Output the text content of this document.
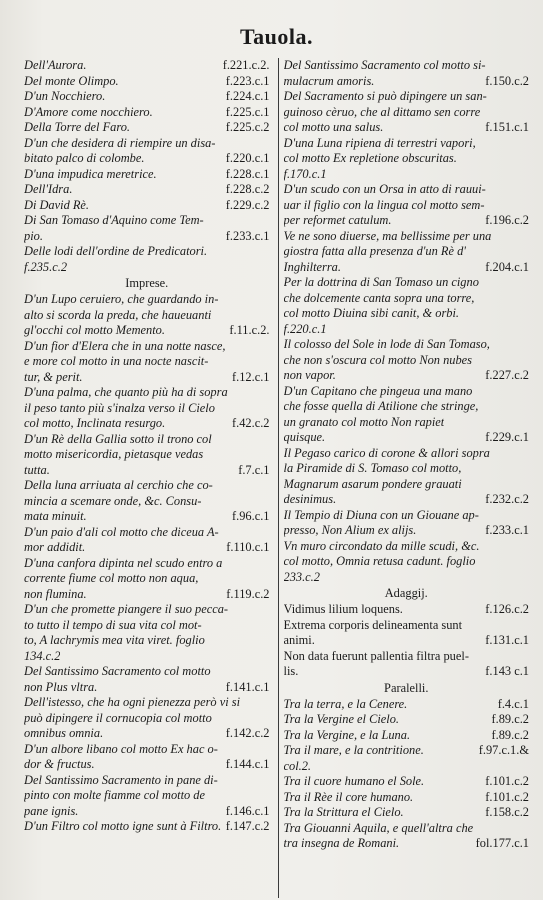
Tauola.
Dell'Aurora.	f.221.c.2.
Del monte Olimpo.	f.223.c.1
D'un Nocchiero.	f.224.c.1
D'Amore come nocchiero.	f.225.c.1
Della Torre del Faro.	f.225.c.2
D'un che desidera di riempire un disa-
bitato palco di colombe.	f.220.c.1
D'una impudica meretrice.	f.228.c.1
Dell'Idra.	f.228.c.2
Di David Rè.	f.229.c.2
Di San Tomaso d'Aquino come Tem-
pio.	f.233.c.1
Delle lodi dell'ordine de Predicatori.
f.235.c.2
Imprese.
D'un Lupo ceruiero, che guardando in-
alto si scorda la preda, che haueuanti
gl'occhi col motto Memento.	f.11.c.2.
D'un fior d'Elera che in una notte nasce,
e more col motto in una nocte nascit-
tur, & perit.	f.12.c.1
D'una palma, che quanto più ha di sopra
il peso tanto più s'inalza verso il Cielo
col motto, Inclinata resurgo.	f.42.c.2
D'un Rè della Gallia sotto il trono col
motto misericordia, pietasque vedas
tutta.	f.7.c.1
Della luna arriuata al cerchio che co-
mincia a scemare onde, &c. Consu-
mata minuit.	f.96.c.1
D'un paio d'ali col motto che diceua A-
mor addidit.	f.110.c.1
D'una canfora dipinta nel scudo entro a
corrente fiume col motto non aqua,
non flumina.	f.119.c.2
D'un che promette piangere il suo pecca-
to tutto il tempo di sua vita col mot-
to, A lachrymis mea vita viret. foglio
134.c.2
Del Santissimo Sacramento col motto
non Plus vltra.	f.141.c.1
Dell'istesso, che ha ogni pienezza però vi si
può dipingere il cornucopia col motto
omnibus omnia.	f.142.c.2
D'un albore libano col motto Ex hac o-
dor & fructus.	f.144.c.1
Del Santissimo Sacramento in pane di-
pinto con molte fiamme col motto de
pane ignis.	f.146.c.1
D'un Filtro col motto igne sunt à Filtro. f.147.c.2
Del Santissimo Sacramento col motto si-
mulacrum amoris.	f.150.c.2
Del Sacramento si può dipingere un san-
guinoso cèruo, che al dittamo sen corre
col motto una salus.	f.151.c.1
D'una Luna ripiena di terrestri vapori,
col motto Ex repletione obscuritas.
f.170.c.1
D'un scudo con un Orsa in atto di rauui-
uar il figlio con la lingua col motto sem-
per reformet catulum.	f.196.c.2
Ve ne sono diuerse, ma bellissime per una
giostra fatta alla presenza d'un Rè d'
Inghilterra.	f.204.c.1
Per la dottrina di San Tomaso un cigno
che dolcemente canta sopra una torre,
col motto Diuina sibi canit, & orbi.
f.220.c.1
Il colosso del Sole in lode di San Tomaso,
che non s'oscura col motto Non nubes
non vapor.	f.227.c.2
D'un Capitano che pingeua una mano
che fosse quella di Atilione che stringe,
un granato col motto Non rapiet
quisque.	f.229.c.1
Il Pegaso carico di corone & allori sopra
la Piramide di S. Tomaso col motto,
Magnarum asarum pondere grauati
desinimus.	f.232.c.2
Il Tempio di Diuna con un Giouane ap-
presso, Non Alium ex alijs.	f.233.c.1
Vn muro circondato da mille scudi, &c.
col motto, Omnia retusa cadunt. foglio
233.c.2
Adaggij.
Vidimus lilium loquens.	f.126.c.2
Extrema corporis delineamenta sunt
animi.	f.131.c.1
Non data fuerunt pallentia filtra puel-
lis.	f.143 c.1
Paralelli.
Tra la terra, e la Cenere.	f.4.c.1
Tra la Vergine el Cielo.	f.89.c.2
Tra la Vergine, e la Luna.	f.89.c.2
Tra il mare, e la contritione.	f.97.c.1.&
col.2.
Tra il cuore humano el Sole.	f.101.c.2
Tra il Rèe il core humano.	f.101.c.2
Tra la Strittura el Cielo.	f.158.c.2
Tra Giouanni Aquila, e quell'altra che
tra insegna de Romani.	fol.177.c.1
